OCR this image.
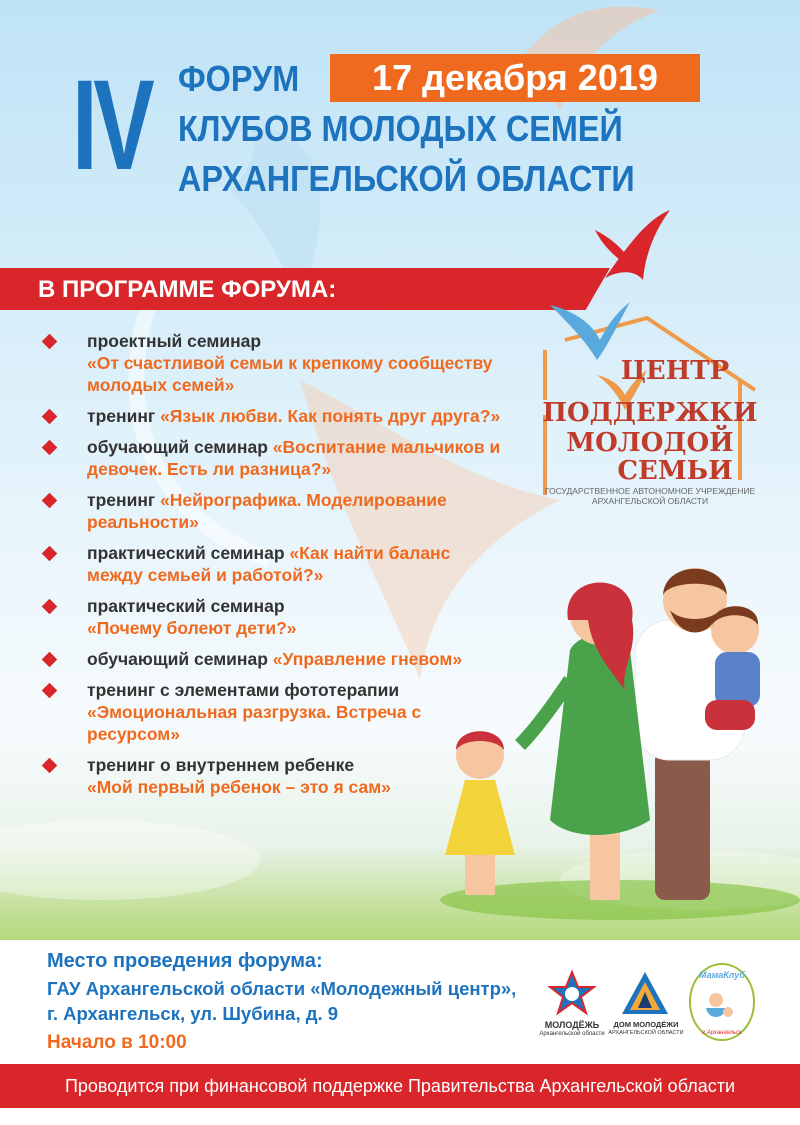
IV ФОРУМ	17 декабря 2019
КЛУБОВ МОЛОДЫХ СЕМЕЙ
АРХАНГЕЛЬСКОЙ ОБЛАСТИ
В ПРОГРАММЕ ФОРУМА:
проектный семинар
«От счастливой семьи к крепкому сообществу молодых семей»
тренинг «Язык любви. Как понять друг друга?»
обучающий семинар «Воспитание мальчиков и девочек. Есть ли разница?»
тренинг «Нейрографика. Моделирование реальности»
практический семинар «Как найти баланс между семьей и работой?»
практический семинар
«Почему болеют дети?»
обучающий семинар «Управление гневом»
тренинг с элементами фототерапии
«Эмоциональная разгрузка. Встреча с ресурсом»
тренинг о внутреннем ребенке
«Мой первый ребенок – это я сам»
ЦЕНТР
ПОДДЕРЖКИ
МОЛОДОЙ
СЕМЬИ
ГОСУДАРСТВЕННОЕ АВТОНОМНОЕ УЧРЕЖДЕНИЕ АРХАНГЕЛЬСКОЙ ОБЛАСТИ
Место проведения форума:
ГАУ Архангельской области «Молодежный центр»,
г. Архангельск, ул. Шубина, д. 9
Начало в 10:00
МОЛОДЁЖЬ
Архангельской области
ДОМ МОЛОДЁЖИ
АРХАНГЕЛЬСКОЙ ОБЛАСТИ
МамаКлуб
г.Архангельск
Проводится при финансовой поддержке Правительства Архангельской области
